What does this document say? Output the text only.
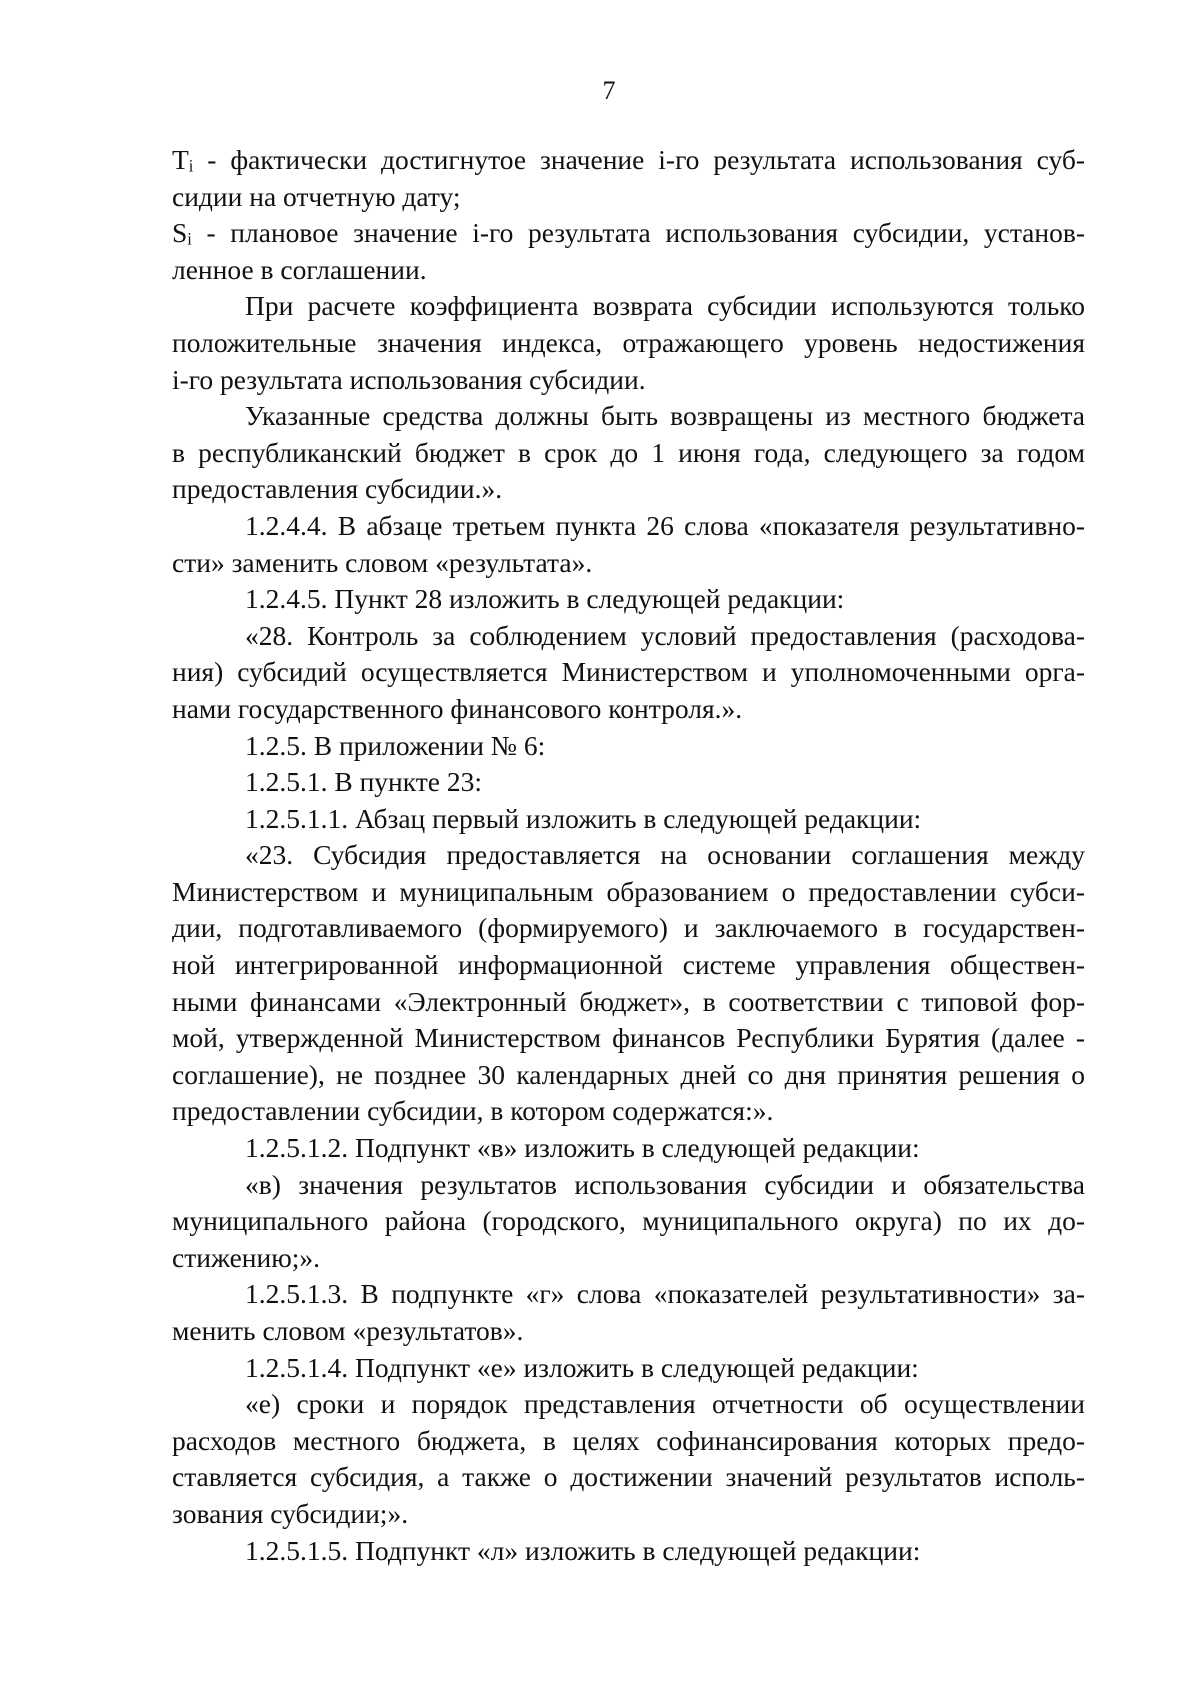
7
Tᵢ - фактически достигнутое значение i-го результата использования суб-
сидии на отчетную дату;
Sᵢ - плановое значение i-го результата использования субсидии, установ-
ленное в соглашении.
При расчете коэффициента возврата субсидии используются только
положительные значения индекса, отражающего уровень недостижения
i-го результата использования субсидии.
Указанные средства должны быть возвращены из местного бюджета
в республиканский бюджет в срок до 1 июня года, следующего за годом
предоставления субсидии.».
1.2.4.4. В абзаце третьем пункта 26 слова «показателя результативно-
сти» заменить словом «результата».
1.2.4.5. Пункт 28 изложить в следующей редакции:
«28. Контроль за соблюдением условий предоставления (расходова-
ния) субсидий осуществляется Министерством и уполномоченными орга-
нами государственного финансового контроля.».
1.2.5. В приложении № 6:
1.2.5.1. В пункте 23:
1.2.5.1.1. Абзац первый изложить в следующей редакции:
«23. Субсидия предоставляется на основании соглашения между
Министерством и муниципальным образованием о предоставлении субси-
дии, подготавливаемого (формируемого) и заключаемого в государствен-
ной интегрированной информационной системе управления обществен-
ными финансами «Электронный бюджет», в соответствии с типовой фор-
мой, утвержденной Министерством финансов Республики Бурятия (далее -
соглашение), не позднее 30 календарных дней со дня принятия решения о
предоставлении субсидии, в котором содержатся:».
1.2.5.1.2. Подпункт «в» изложить в следующей редакции:
«в) значения результатов использования субсидии и обязательства
муниципального района (городского, муниципального округа) по их до-
стижению;».
1.2.5.1.3. В подпункте «г» слова «показателей результативности» за-
менить словом «результатов».
1.2.5.1.4. Подпункт «е» изложить в следующей редакции:
«е) сроки и порядок представления отчетности об осуществлении
расходов местного бюджета, в целях софинансирования которых предо-
ставляется субсидия, а также о достижении значений результатов исполь-
зования субсидии;».
1.2.5.1.5. Подпункт «л» изложить в следующей редакции:
